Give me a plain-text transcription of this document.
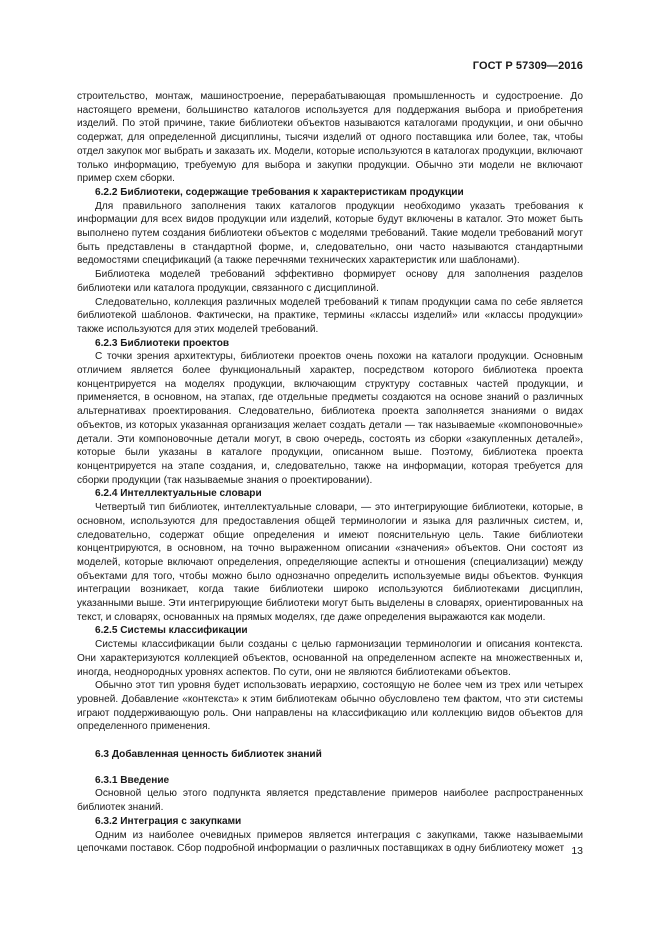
ГОСТ Р 57309—2016

строительство, монтаж, машиностроение, перерабатывающая промышленность и судостроение. До настоящего времени, большинство каталогов используется для поддержания выбора и приобретения изделий. По этой причине, такие библиотеки объектов называются каталогами продукции, и они обычно содержат, для определенной дисциплины, тысячи изделий от одного поставщика или более, так, чтобы отдел закупок мог выбрать и заказать их. Модели, которые используются в каталогах продукции, включают только информацию, требуемую для выбора и закупки продукции. Обычно эти модели не включают пример схем сборки.

6.2.2 Библиотеки, содержащие требования к характеристикам продукции

Для правильного заполнения таких каталогов продукции необходимо указать требования к информации для всех видов продукции или изделий, которые будут включены в каталог. Это может быть выполнено путем создания библиотеки объектов с моделями требований. Такие модели требований могут быть представлены в стандартной форме, и, следовательно, они часто называются стандартными ведомостями спецификаций (а также перечнями технических характеристик или шаблонами).

Библиотека моделей требований эффективно формирует основу для заполнения разделов библиотеки или каталога продукции, связанного с дисциплиной.

Следовательно, коллекция различных моделей требований к типам продукции сама по себе является библиотекой шаблонов. Фактически, на практике, термины «классы изделий» или «классы продукции» также используются для этих моделей требований.

6.2.3 Библиотеки проектов

С точки зрения архитектуры, библиотеки проектов очень похожи на каталоги продукции. Основным отличием является более функциональный характер, посредством которого библиотека проекта концентрируется на моделях продукции, включающим структуру составных частей продукции, и применяется, в основном, на этапах, где отдельные предметы создаются на основе знаний о различных альтернативах проектирования. Следовательно, библиотека проекта заполняется знаниями о видах объектов, из которых указанная организация желает создать детали — так называемые «компоновочные» детали. Эти компоновочные детали могут, в свою очередь, состоять из сборки «закупленных деталей», которые были указаны в каталоге продукции, описанном выше. Поэтому, библиотека проекта концентрируется на этапе создания, и, следовательно, также на информации, которая требуется для сборки продукции (так называемые знания о проектировании).

6.2.4 Интеллектуальные словари

Четвертый тип библиотек, интеллектуальные словари, — это интегрирующие библиотеки, которые, в основном, используются для предоставления общей терминологии и языка для различных систем, и, следовательно, содержат общие определения и имеют пояснительную цель. Такие библиотеки концентрируются, в основном, на точно выраженном описании «значения» объектов. Они состоят из моделей, которые включают определения, определяющие аспекты и отношения (специализации) между объектами для того, чтобы можно было однозначно определить используемые виды объектов. Функция интеграции возникает, когда такие библиотеки широко используются библиотеками дисциплин, указанными выше. Эти интегрирующие библиотеки могут быть выделены в словарях, ориентированных на текст, и словарях, основанных на прямых моделях, где даже определения выражаются как модели.

6.2.5 Системы классификации

Системы классификации были созданы с целью гармонизации терминологии и описания контекста. Они характеризуются коллекцией объектов, основанной на определенном аспекте на множественных и, иногда, неоднородных уровнях аспектов. По сути, они не являются библиотеками объектов.

Обычно этот тип уровня будет использовать иерархию, состоящую не более чем из трех или четырех уровней. Добавление «контекста» к этим библиотекам обычно обусловлено тем фактом, что эти системы играют поддерживающую роль. Они направлены на классификацию или коллекцию видов объектов для определенного применения.

6.3 Добавленная ценность библиотек знаний
6.3.1 Введение

Основной целью этого подпункта является представление примеров наиболее распространенных библиотек знаний.

6.3.2 Интеграция с закупками

Одним из наиболее очевидных примеров является интеграция с закупками, также называемыми цепочками поставок. Сбор подробной информации о различных поставщиках в одну библиотеку может 13
